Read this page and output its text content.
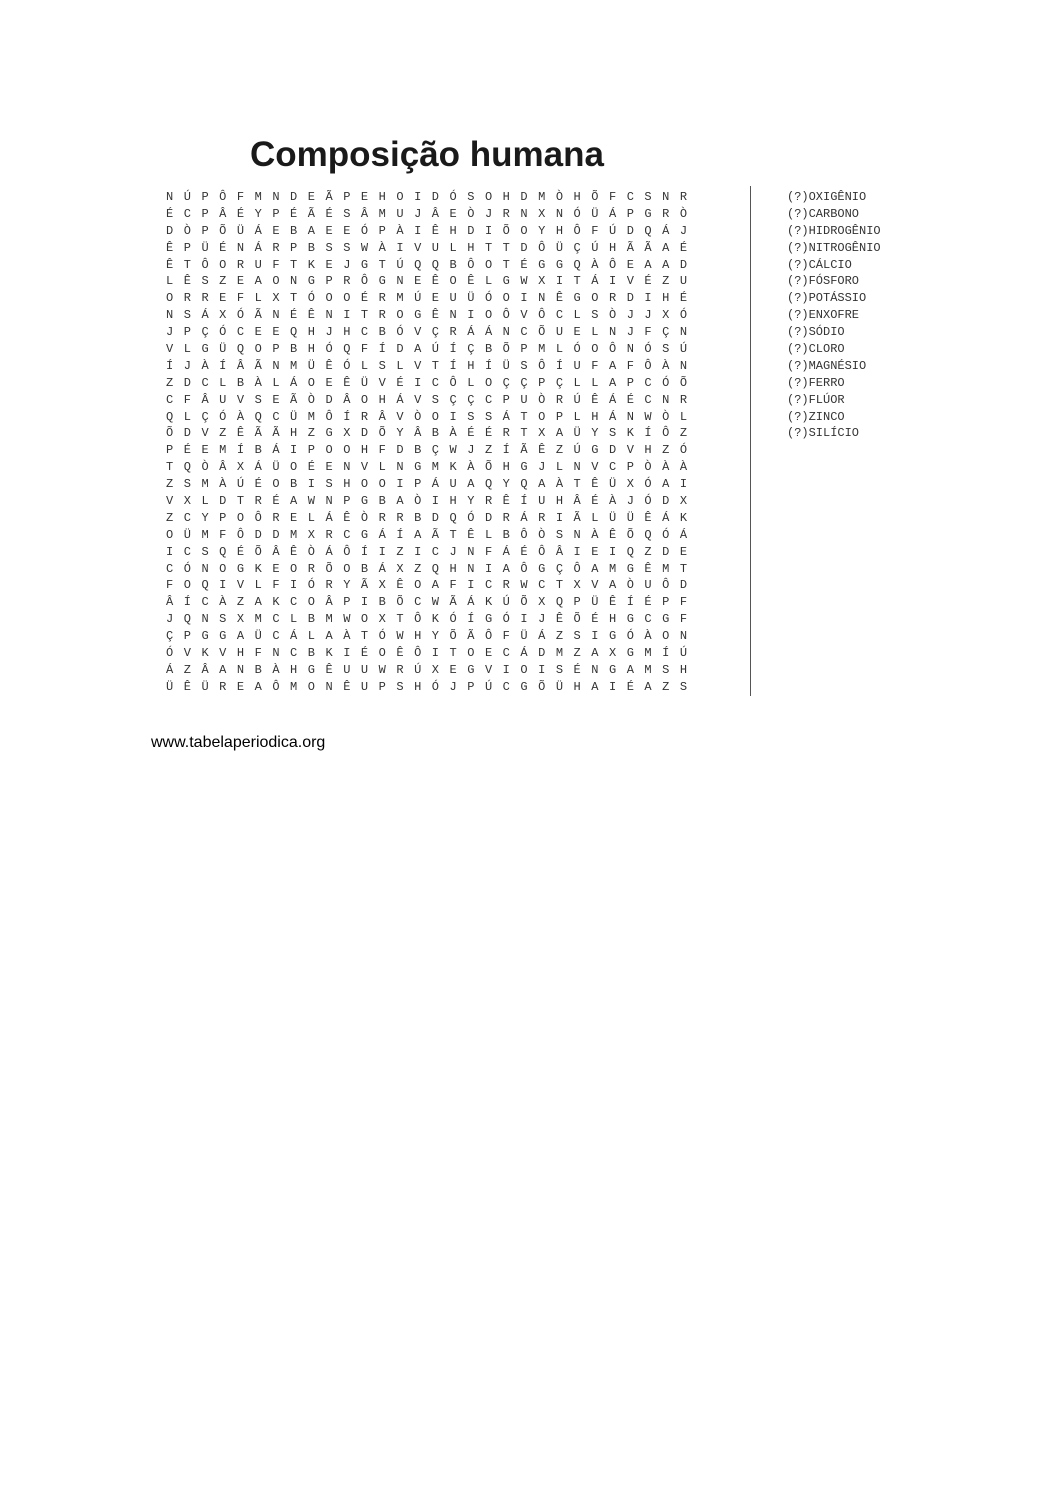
Composição humana
N Ú P Ô F M N D E Ã P E H O I D Ó S O H D M Ò H Õ F C S N R
É C P Â É Y P É Ã É S Â M U J Â E Ò J R N X N Ó Ü Á P G R Ò
D Ò P Õ Ü Á E B A E E Ó P À I Ê H D I Õ O Y H Ô F Ú D Q Á J
Ê P Ü É N Á R P B S S W À I V U L H T T D Ô Ü Ç Ú H Ã Ã A É
Ê T Ô O R U F T K E J G T Ú Q Q B Ô O T É G G Q À Ô E A A D
L Ê S Z E A O N G P R Ô G N E Ê O Ê L G W X I T Á I V É Z U
O R R E F L X T Ó O O É R M Ú E U Ü Ó O I N Ê G O R D I H É
N S Á X Ó Ã N É Ê N I T R O G Ê N I O Ô V Ô C L S Ò J J X Ó
J P Ç Ó C E E Q H J H C B Ó V Ç R Á Á N C Õ U E L N J F Ç N
V L G Ü Q O P B H Ó Q F Í D A Ú Í Ç B Õ P M L Ó O Ô N Ó S Ú
Í J À Í Â Ã N M Ü Ê Ó L S L V T Í H Í Ü S Ô Í U F A F Ô À N
Z D C L B À L Á O E Ê Ü V É I C Ô L O Ç Ç P Ç L L A P C Ó Õ
C F Â U V S E Ã Ò D Â O H Á V S Ç Ç C P U Ò R Ú Ê Á É C N R
Q L Ç Ó À Q C Ü M Ô Í R Â V Ò O I S S Á T O P L H Á N W Ò L
Õ D V Z Ê Ã Ã H Z G X D Õ Y Â B À É É R T X A Ü Y S K Í Ô Z
P É E M Í B Á I P O O H F D B Ç W J Z Í Ã Ê Z Ú G D V H Z Ó
T Q Ò Â X Á Ü O É E N V L N G M K À Õ H G J L N V C P Ò À À
Z S M À Ú É O B I S H O O I P Á U A Q Y Q A À T Ê Ü X Ó A I
V X L D T R É A W N P G B A Ò I H Y R Ê Í U H Â É À J Ó D X
Z C Y P O Ô R E L Á Ê Ò R R B D Q Ó D R Á R I Ã L Ü Ü Ê Á K
O Ü M F Ô D D M X R C G Á Í A Ã T Ê L B Ô Ò S N À Ê Õ Q Ó Á
I C S Q É Õ Â Ê Ò Á Ô Í I Z I C J N F Á É Ô Â I E I Q Z D E
C Ó N O G K E O R Õ O B Á X Z Q H N I A Ô G Ç Ô A M G Ê M T
F O Q I V L F I Ó R Y Ã X Ê O A F I C R W C T X V A Ò U Ô D
Â Í C À Z A K C O Â P I B Õ C W Ã Á K Ú Õ X Q P Ü Ê Í É P F
J Q N S X M C L B M W O X T Ô K Ó Í G Ó I J Ê Õ É H G C G F
Ç P G G A Ü C Á L A À T Ó W H Y Õ Ã Ô F Ü Á Z S I G Ó À O N
Ó V K V H F N C B K I É O Ê Ô I T O E C Á D M Z A X G M Í Ú
Á Z Â A N B À H G Ê U U W R Ú X E G V I O I S É N G A M S H
Ü Ê Ü R E A Ô M O N Ê U P S H Ó J P Ú C G Õ Ü H A I É A Z S
(?)OXIGÊNIO
(?)CARBONO
(?)HIDROGÊNIO
(?)NITROGÊNIO
(?)CÁLCIO
(?)FÓSFORO
(?)POTÁSSIO
(?)ENXOFRE
(?)SÓDIO
(?)CLORO
(?)MAGNÉSIO
(?)FERRO
(?)FLÚOR
(?)ZINCO
(?)SILÍCIO
www.tabelaperiodica.org
